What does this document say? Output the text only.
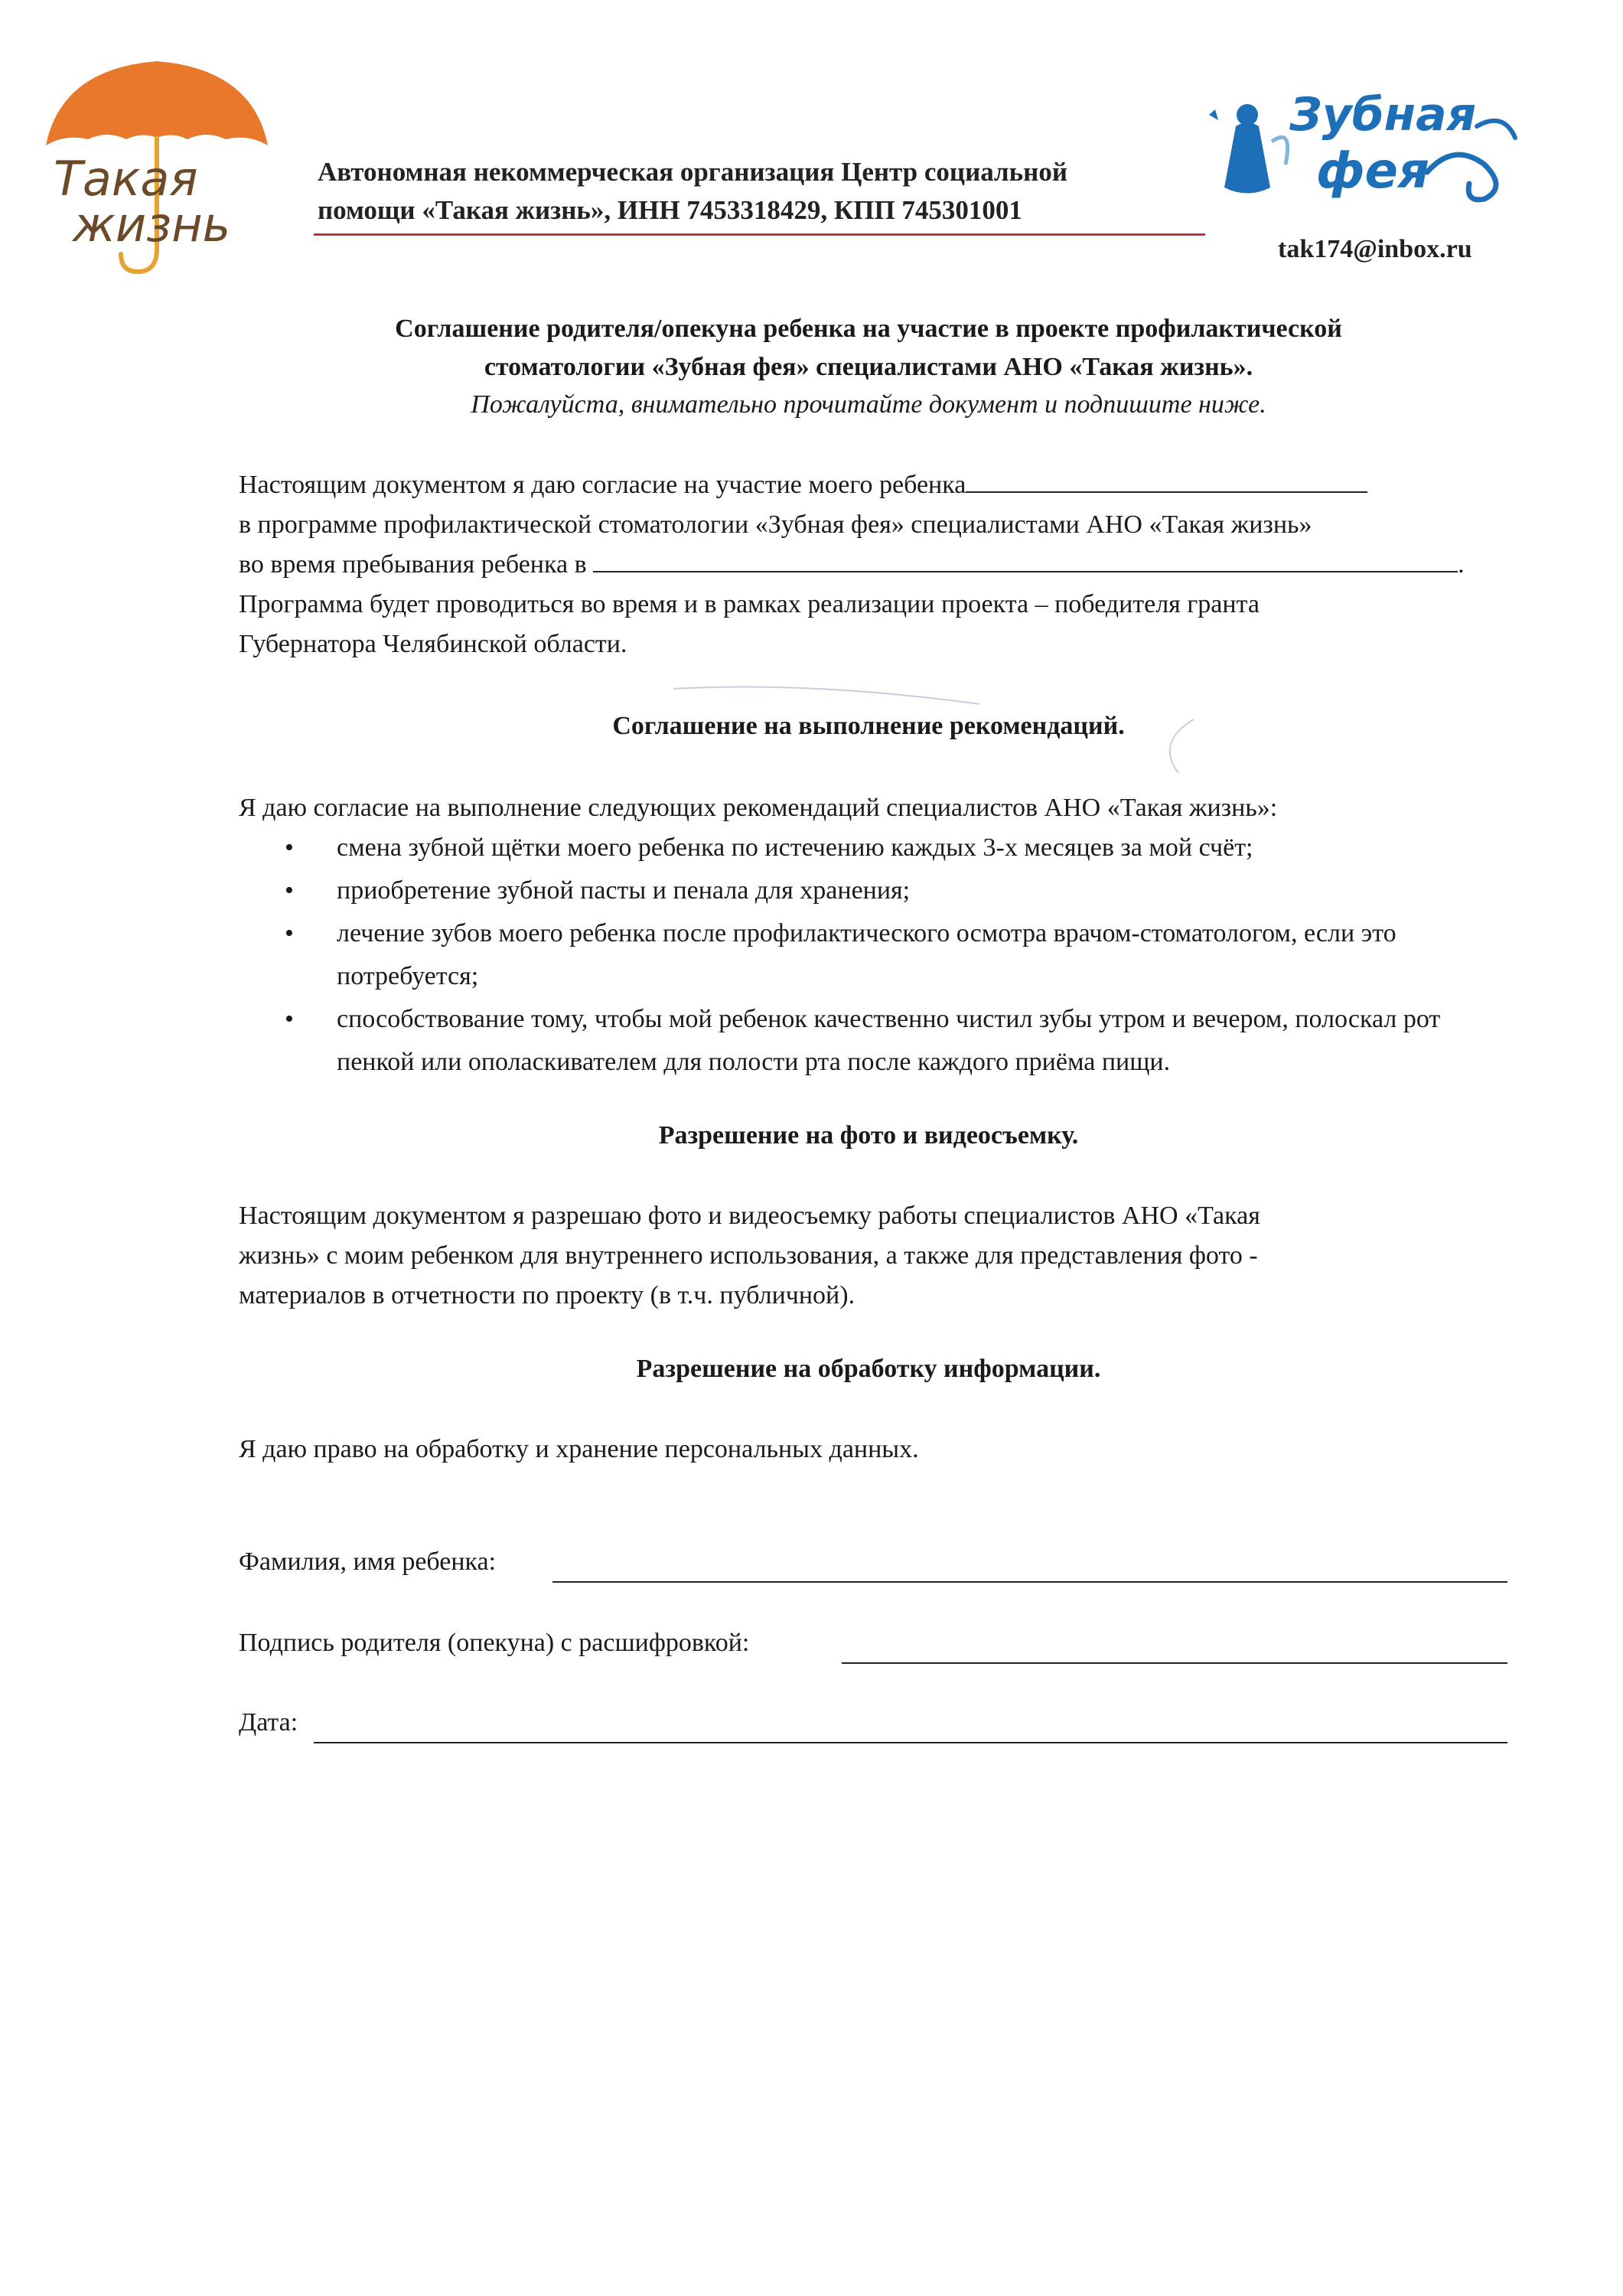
Такая
жизнь
Зубная
фея
Автономная некоммерческая организация Центр социальной
помощи «Такая жизнь», ИНН 7453318429, КПП 745301001
tak174@inbox.ru
Соглашение родителя/опекуна ребенка на участие в проекте профилактической
стоматологии «Зубная фея» специалистами АНО «Такая жизнь».
Пожалуйста, внимательно прочитайте документ и подпишите ниже.
Настоящим документом я даю согласие на участие моего ребенка
в программе профилактической стоматологии «Зубная фея» специалистами АНО «Такая жизнь»
во время пребывания ребенка в	.
Программа будет проводиться во время и в рамках реализации проекта – победителя гранта
Губернатора Челябинской области.
Соглашение на выполнение рекомендаций.
Я даю согласие на выполнение следующих рекомендаций специалистов АНО «Такая жизнь»:
• смена зубной щётки моего ребенка по истечению каждых 3-х месяцев за мой счёт;
• приобретение зубной пасты и пенала для хранения;
• лечение зубов моего ребенка после профилактического осмотра врачом-стоматологом, если это потребуется;
• способствование тому, чтобы мой ребенок качественно чистил зубы утром и вечером, полоскал рот пенкой или ополаскивателем для полости рта после каждого приёма пищи.
Разрешение на фото и видеосъемку.
Настоящим документом я разрешаю фото и видеосъемку работы специалистов АНО «Такая
жизнь» с моим ребенком для внутреннего использования, а также для представления фото -
материалов в отчетности по проекту (в т.ч. публичной).
Разрешение на обработку информации.
Я даю право на обработку и хранение персональных данных.
Фамилия, имя ребенка:
Подпись родителя (опекуна) с расшифровкой:
Дата:
